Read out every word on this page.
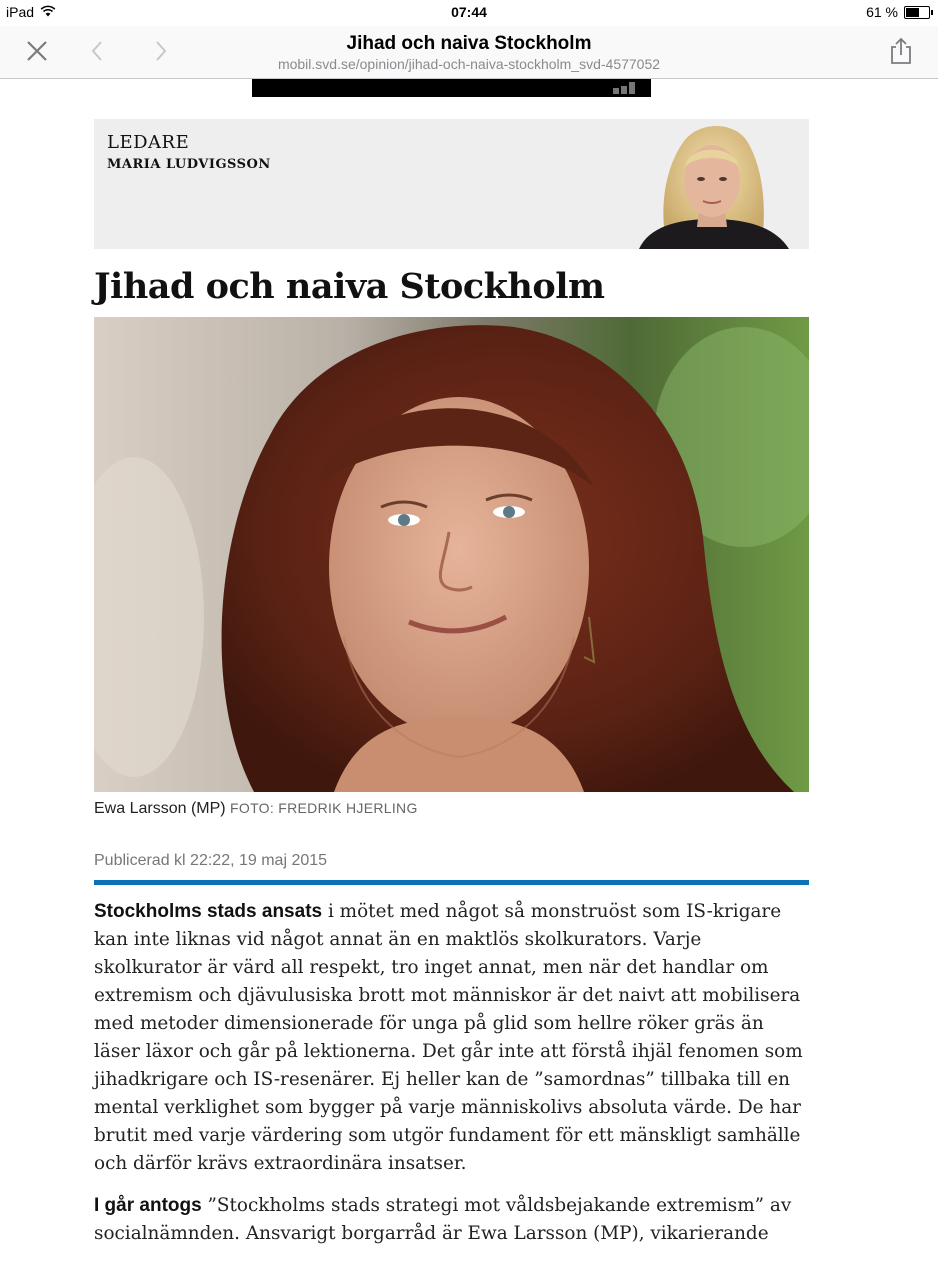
iPad	07:44	61 %
Jihad och naiva Stockholm
mobil.svd.se/opinion/jihad-och-naiva-stockholm_svd-4577052
LEDARE
MARIA LUDVIGSSON
Jihad och naiva Stockholm
Ewa Larsson (MP) FOTO: FREDRIK HJERLING
Publicerad kl 22:22, 19 maj 2015

Stockholms stads ansats i mötet med något så monstruöst som IS-krigare kan inte liknas vid något annat än en maktlös skolkurators. Varje skolkurator är värd all respekt, tro inget annat, men när det handlar om extremism och djävulusiska brott mot människor är det naivt att mobilisera med metoder dimensionerade för unga på glid som hellre röker gräs än läser läxor och går på lektionerna. Det går inte att förstå ihjäl fenomen som jihadkrigare och IS-resenärer. Ej heller kan de ”samordnas” tillbaka till en mental verklighet som bygger på varje människolivs absoluta värde. De har brutit med varje värdering som utgör fundament för ett mänskligt samhälle och därför krävs extraordinära insatser.

I går antogs ”Stockholms stads strategi mot våldsbejakande extremism” av socialnämnden. Ansvarigt borgarråd är Ewa Larsson (MP), vikarierande
